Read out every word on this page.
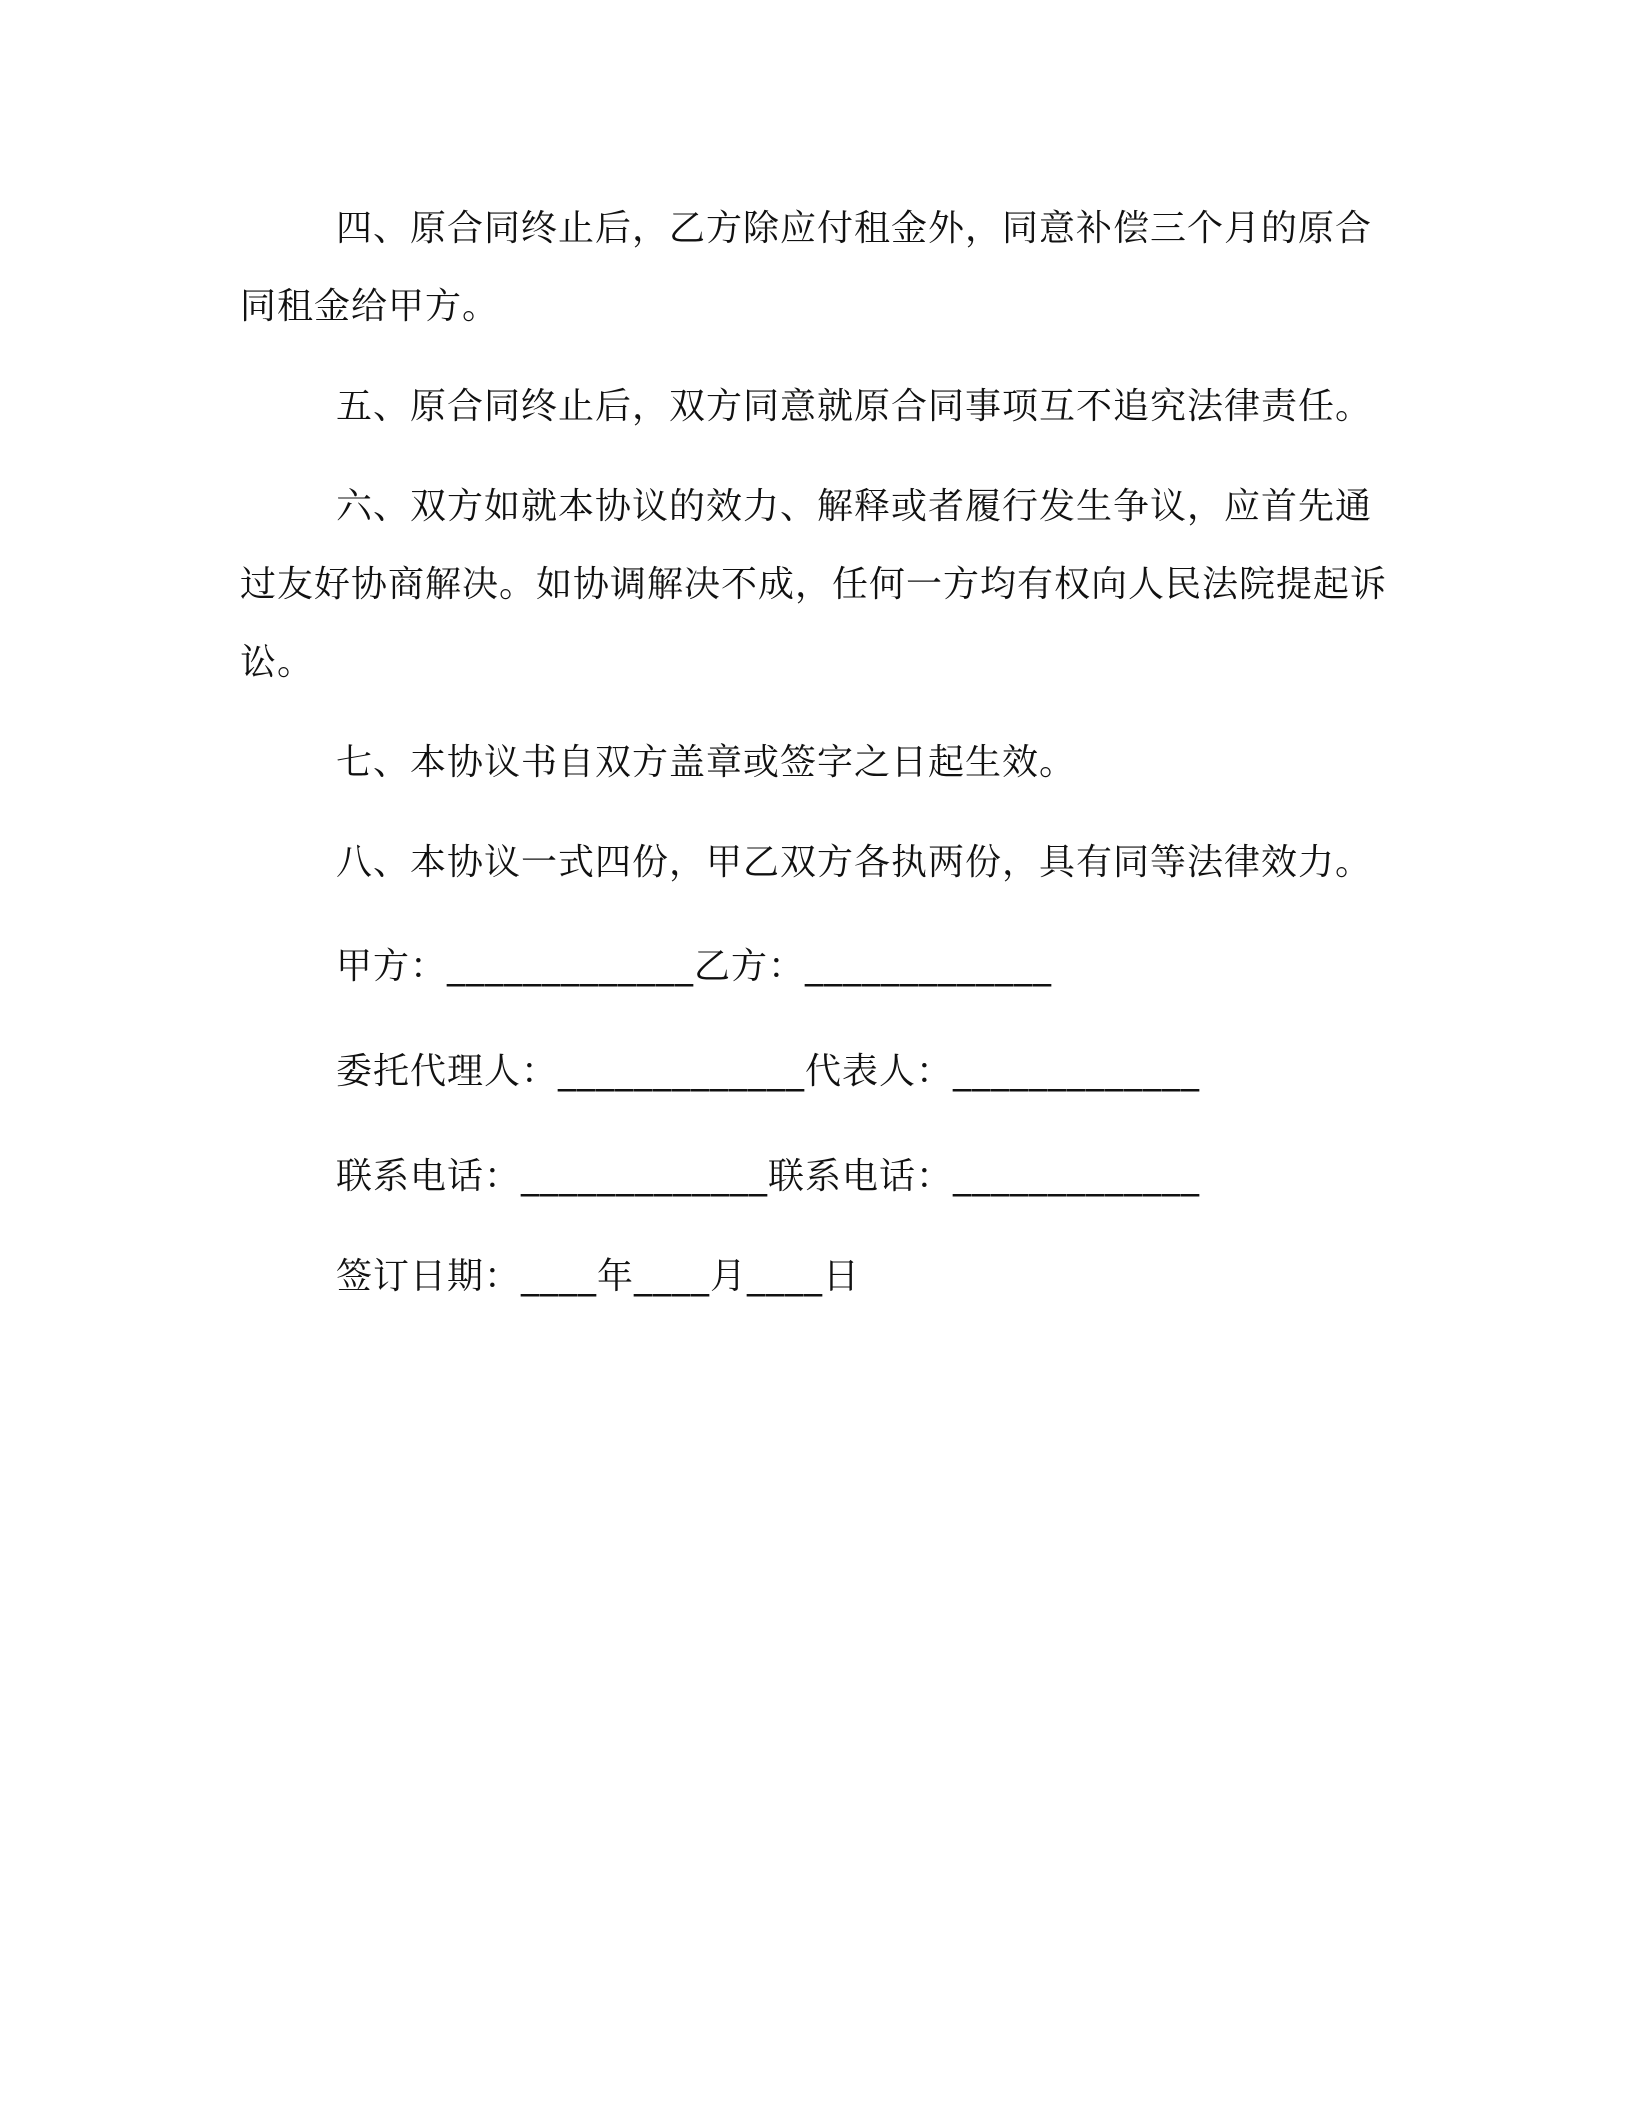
四、原合同终止后，乙方除应付租金外，同意补偿三个月的原合同租金给甲方。

五、原合同终止后，双方同意就原合同事项互不追究法律责任。

六、双方如就本协议的效力、解释或者履行发生争议，应首先通过友好协商解决。如协调解决不成，任何一方均有权向人民法院提起诉讼。

七、本协议书自双方盖章或签字之日起生效。

八、本协议一式四份，甲乙双方各执两份，具有同等法律效力。

甲方：_____________乙方：_____________
委托代理人：_____________代表人：_____________
联系电话：_____________联系电话：_____________
签订日期：____年____月____日
